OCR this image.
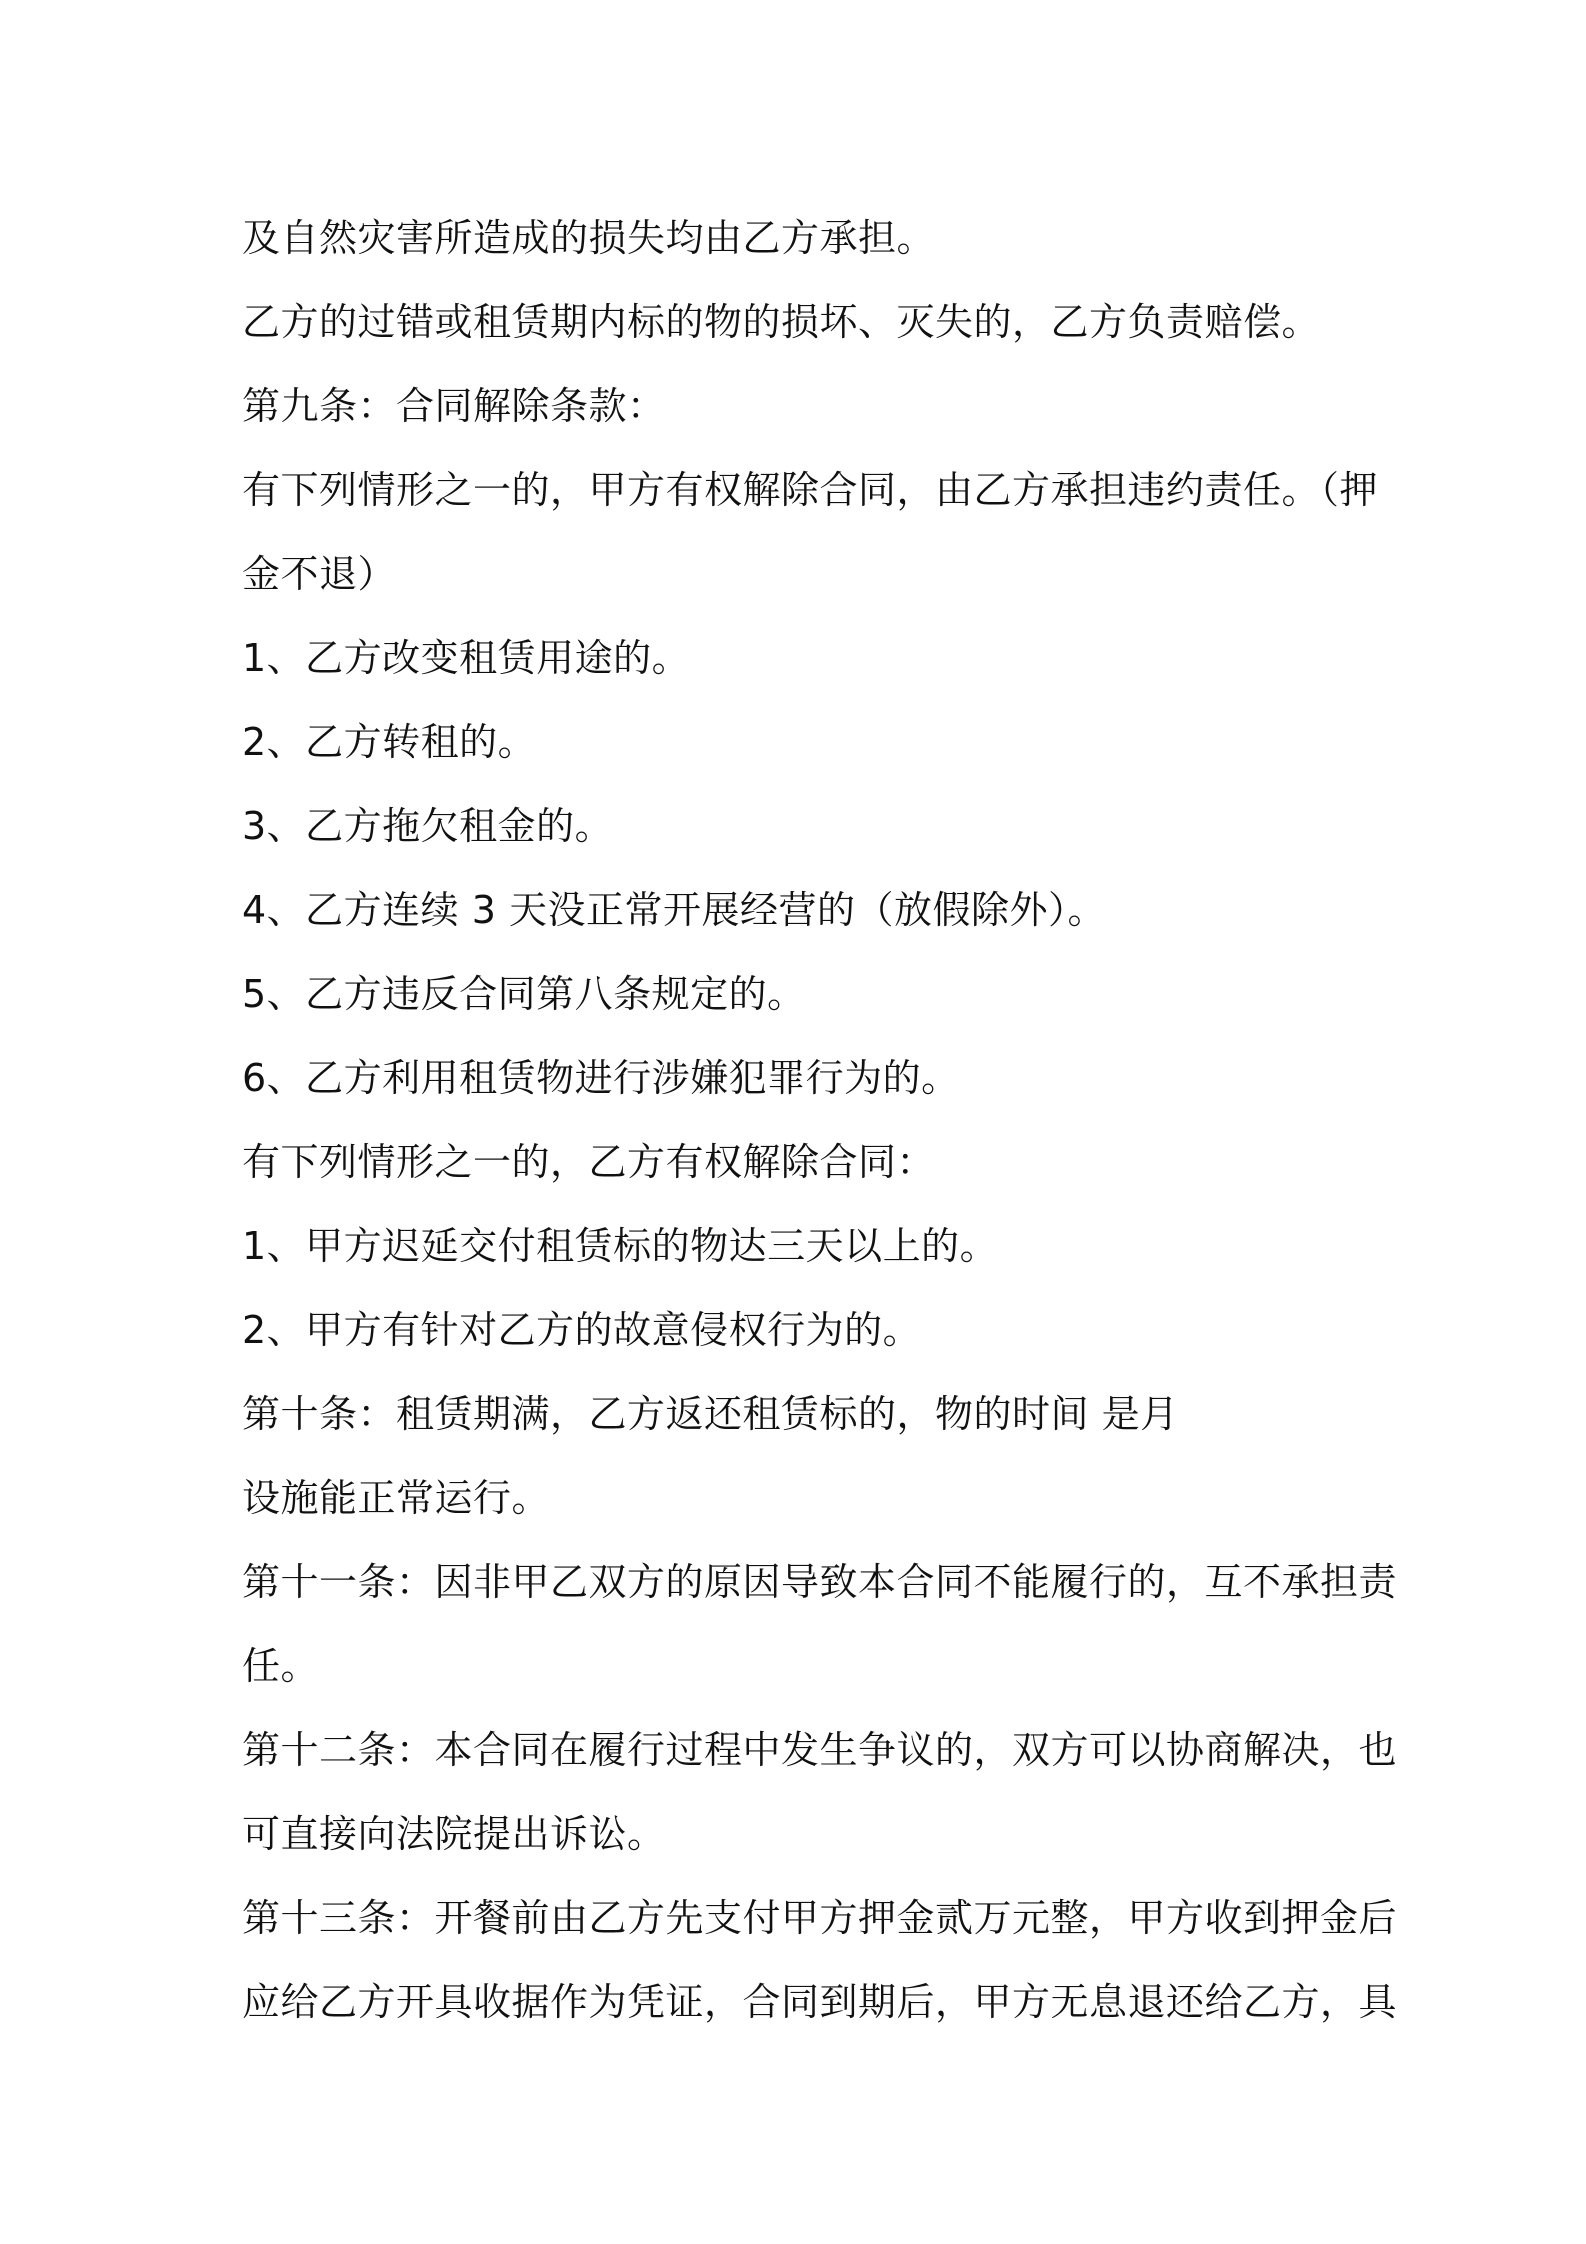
及自然灾害所造成的损失均由乙方承担。
乙方的过错或租赁期内标的物的损坏、灭失的，乙方负责赔偿。
第九条：合同解除条款：
有下列情形之一的，甲方有权解除合同，由乙方承担违约责任。（押
金不退）
1、乙方改变租赁用途的。
2、乙方转租的。
3、乙方拖欠租金的。
4、乙方连续 3 天没正常开展经营的（放假除外）。
5、乙方违反合同第八条规定的。
6、乙方利用租赁物进行涉嫌犯罪行为的。
有下列情形之一的，乙方有权解除合同：
1、甲方迟延交付租赁标的物达三天以上的。
2、甲方有针对乙方的故意侵权行为的。
第十条：租赁期满，乙方返还租赁标的，物的时间 是月
设施能正常运行。
第十一条：因非甲乙双方的原因导致本合同不能履行的，互不承担责
任。
第十二条：本合同在履行过程中发生争议的，双方可以协商解决，也
可直接向法院提出诉讼。
第十三条：开餐前由乙方先支付甲方押金贰万元整，甲方收到押金后
应给乙方开具收据作为凭证，合同到期后，甲方无息退还给乙方，具
